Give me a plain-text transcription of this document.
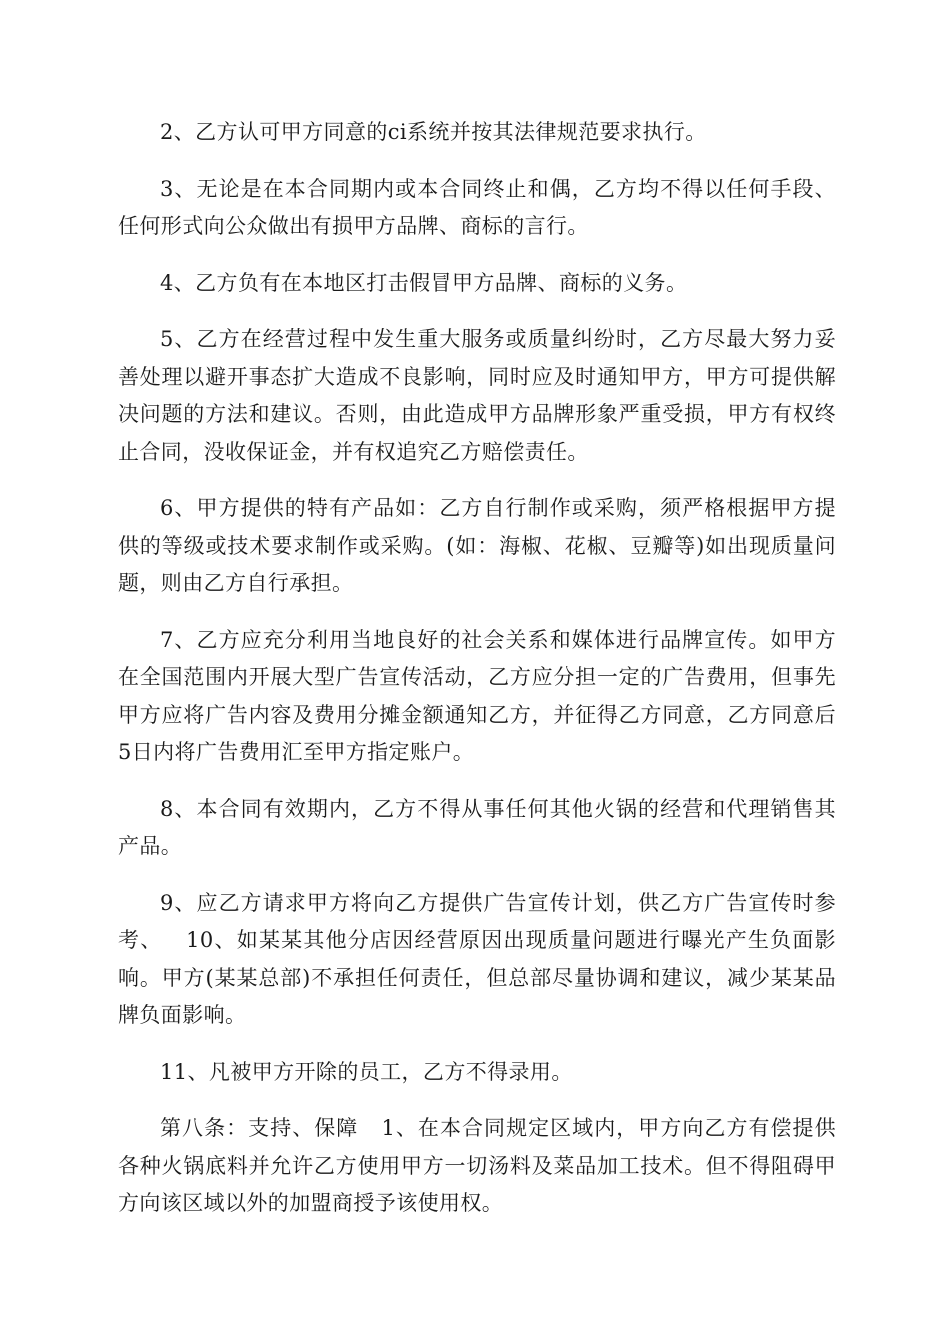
2、乙方认可甲方同意的ci系统并按其法律规范要求执行。

3、无论是在本合同期内或本合同终止和偶，乙方均不得以任何手段、任何形式向公众做出有损甲方品牌、商标的言行。

4、乙方负有在本地区打击假冒甲方品牌、商标的义务。

5、乙方在经营过程中发生重大服务或质量纠纷时，乙方尽最大努力妥善处理以避开事态扩大造成不良影响，同时应及时通知甲方，甲方可提供解决问题的方法和建议。否则，由此造成甲方品牌形象严重受损，甲方有权终止合同，没收保证金，并有权追究乙方赔偿责任。

6、甲方提供的特有产品如：乙方自行制作或采购，须严格根据甲方提供的等级或技术要求制作或采购。(如：海椒、花椒、豆瓣等)如出现质量问题，则由乙方自行承担。

7、乙方应充分利用当地良好的社会关系和媒体进行品牌宣传。如甲方在全国范围内开展大型广告宣传活动，乙方应分担一定的广告费用，但事先甲方应将广告内容及费用分摊金额通知乙方，并征得乙方同意，乙方同意后5日内将广告费用汇至甲方指定账户。

8、本合同有效期内，乙方不得从事任何其他火锅的经营和代理销售其产品。

9、应乙方请求甲方将向乙方提供广告宣传计划，供乙方广告宣传时参考、   10、如某某其他分店因经营原因出现质量问题进行曝光产生负面影响。甲方(某某总部)不承担任何责任，但总部尽量协调和建议，减少某某品牌负面影响。

11、凡被甲方开除的员工，乙方不得录用。

第八条：支持、保障   1、在本合同规定区域内，甲方向乙方有偿提供各种火锅底料并允许乙方使用甲方一切汤料及菜品加工技术。但不得阻碍甲方向该区域以外的加盟商授予该使用权。
